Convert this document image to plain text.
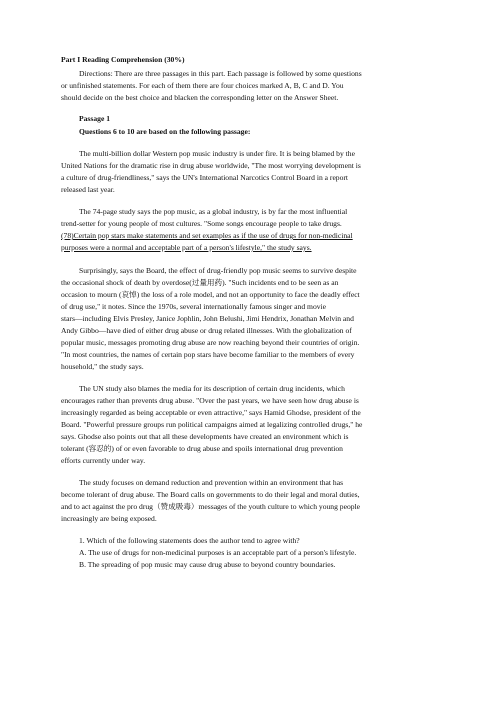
Part I Reading Comprehension (30%)
Directions: There are three passages in this part. Each passage is followed by some questions
or unfinished statements. For each of them there are four choices marked A, B, C and D. You
should decide on the best choice and blacken the corresponding letter on the Answer Sheet.
Passage 1
Questions 6 to 10 are based on the following passage:
The multi-billion dollar Western pop music industry is under fire. It is being blamed by the
United Nations for the dramatic rise in drug abuse worldwide, "The most worrying development is
a culture of drug-friendliness," says the UN's International Narcotics Control Board in a report
released last year.
The 74-page study says the pop music, as a global industry, is by far the most influential
trend-setter for young people of most cultures. "Some songs encourage people to take drugs.
(78)Certain pop stars make statements and set examples as if the use of drugs for non-medicinal
purposes were a normal and acceptable part of a person's lifestyle," the study says.
Surprisingly, says the Board, the effect of drug-friendly pop music seems to survive despite
the occasional shock of death by overdose(过量用药). "Such incidents end to be seen as an
occasion to mourn (哀悼) the loss of a role model, and not an opportunity to face the deadly effect
of drug use," it notes. Since the 1970s, several internationally famous singer and movie
stars—including Elvis Presley, Janice Jophlin, John Belushi, Jimi Hendrix, Jonathan Melvin and
Andy Gibbo—have died of either drug abuse or drug related illnesses. With the globalization of
popular music, messages promoting drug abuse are now reaching beyond their countries of origin.
"In most countries, the names of certain pop stars have become familiar to the members of every
household," the study says.
The UN study also blames the media for its description of certain drug incidents, which
encourages rather than prevents drug abuse. "Over the past years, we have seen how drug abuse is
increasingly regarded as being acceptable or even attractive," says Hamid Ghodse, president of the
Board. "Powerful pressure groups run political campaigns aimed at legalizing controlled drugs," he
says. Ghodse also points out that all these developments have created an environment which is
tolerant (容忍的) of or even favorable to drug abuse and spoils international drug prevention
efforts currently under way.
The study focuses on demand reduction and prevention within an environment that has
become tolerant of drug abuse. The Board calls on governments to do their legal and moral duties,
and to act against the pro drug（赞成吸毒）messages of the youth culture to which young people
increasingly are being exposed.
1. Which of the following statements does the author tend to agree with?
A. The use of drugs for non-medicinal purposes is an acceptable part of a person's lifestyle.
B. The spreading of pop music may cause drug abuse to beyond country boundaries.
